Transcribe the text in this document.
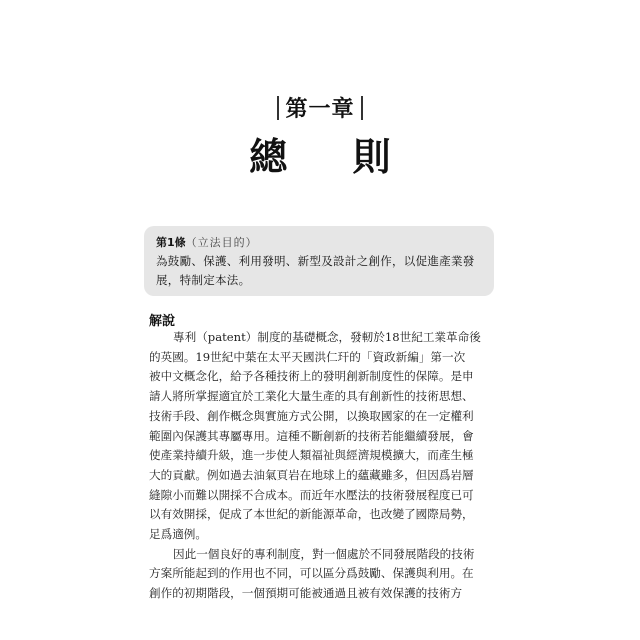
第一章
總 則
第1條（立法目的）
為鼓勵、保護、利用發明、新型及設計之創作，以促進產業發
展，特制定本法。
解說

專利（patent）制度的基礎概念，發軔於18世紀工業革命後
的英國。19世紀中葉在太平天國洪仁玕的「資政新編」第一次
被中文概念化，給予各種技術上的發明創新制度性的保障。是申
請人將所掌握適宜於工業化大量生產的具有創新性的技術思想、
技術手段、創作概念與實施方式公開，以換取國家的在一定權利
範圍內保護其專屬專用。這種不斷創新的技術若能繼續發展，會
使產業持續升級，進一步使人類福祉與經濟規模擴大，而產生極
大的貢獻。例如過去油氣頁岩在地球上的蘊藏雖多，但因爲岩層
縫隙小而難以開採不合成本。而近年水壓法的技術發展程度已可
以有效開採，促成了本世紀的新能源革命，也改變了國際局勢，
足爲適例。

因此一個良好的專利制度，對一個處於不同發展階段的技術
方案所能起到的作用也不同，可以區分爲鼓勵、保護與利用。在
創作的初期階段，一個預期可能被通過且被有效保護的技術方
